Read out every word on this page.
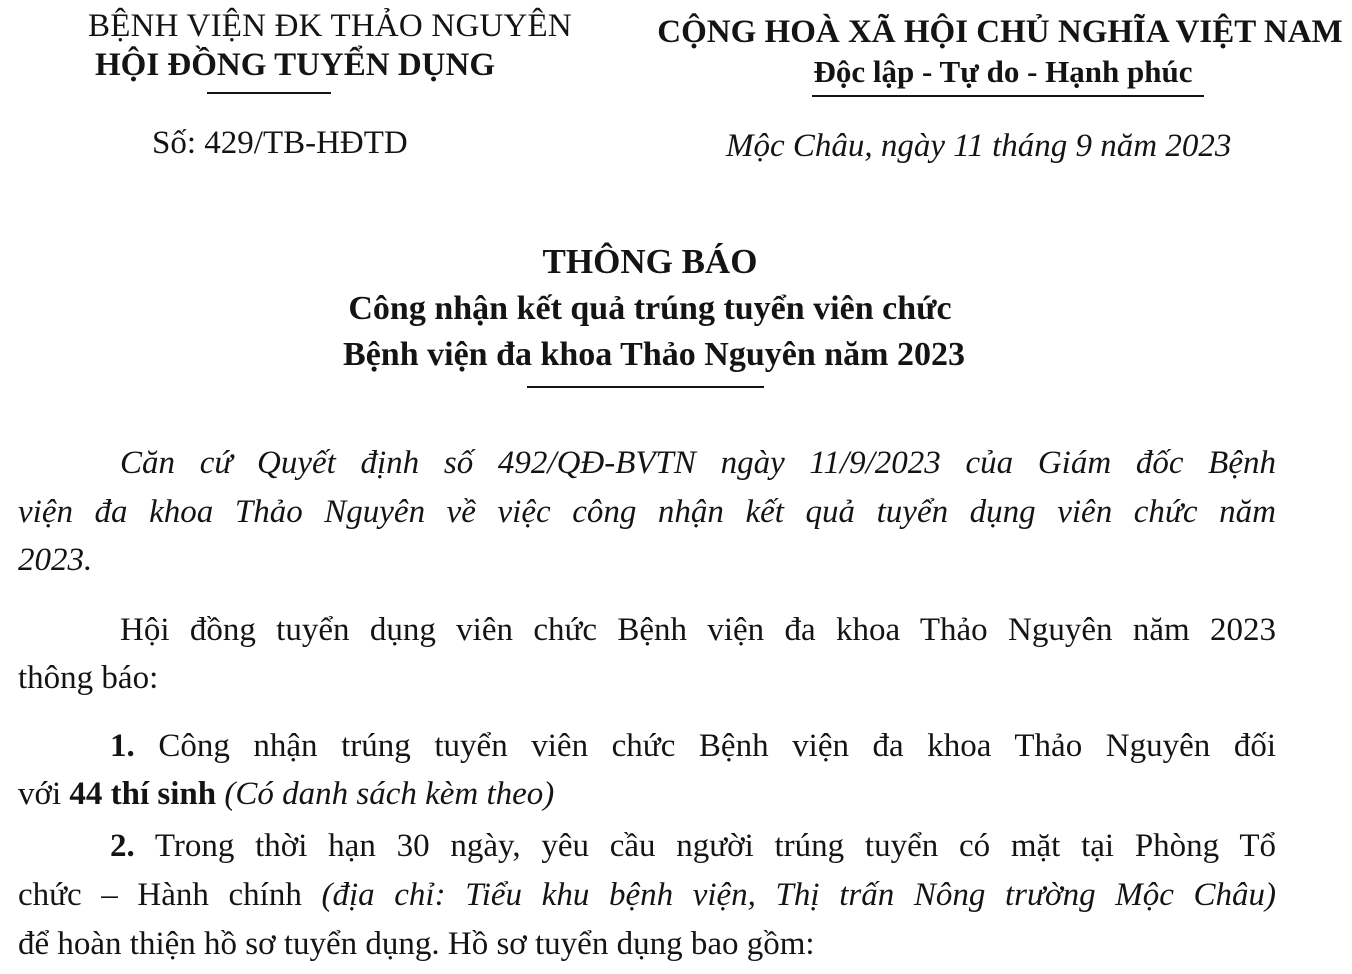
BỆNH VIỆN ĐK THẢO NGUYÊN
HỘI ĐỒNG TUYỂN DỤNG
Số: 429/TB-HĐTD
CỘNG HOÀ XÃ HỘI CHỦ NGHĨA VIỆT NAM
Độc lập - Tự do - Hạnh phúc
Mộc Châu, ngày 11 tháng 9 năm 2023
THÔNG BÁO
Công nhận kết quả trúng tuyển viên chức
Bệnh viện đa khoa Thảo Nguyên năm 2023
Căn cứ Quyết định số 492/QĐ-BVTN ngày 11/9/2023 của Giám đốc Bệnh
viện đa khoa Thảo Nguyên về việc công nhận kết quả tuyển dụng viên chức năm
2023.
Hội đồng tuyển dụng viên chức Bệnh viện đa khoa Thảo Nguyên năm 2023
thông báo:
1. Công nhận trúng tuyển viên chức Bệnh viện đa khoa Thảo Nguyên đối
với 44 thí sinh (Có danh sách kèm theo)
2. Trong thời hạn 30 ngày, yêu cầu người trúng tuyển có mặt tại Phòng Tổ
chức – Hành chính (địa chỉ: Tiểu khu bệnh viện, Thị trấn Nông trường Mộc Châu)
để hoàn thiện hồ sơ tuyển dụng. Hồ sơ tuyển dụng bao gồm:
